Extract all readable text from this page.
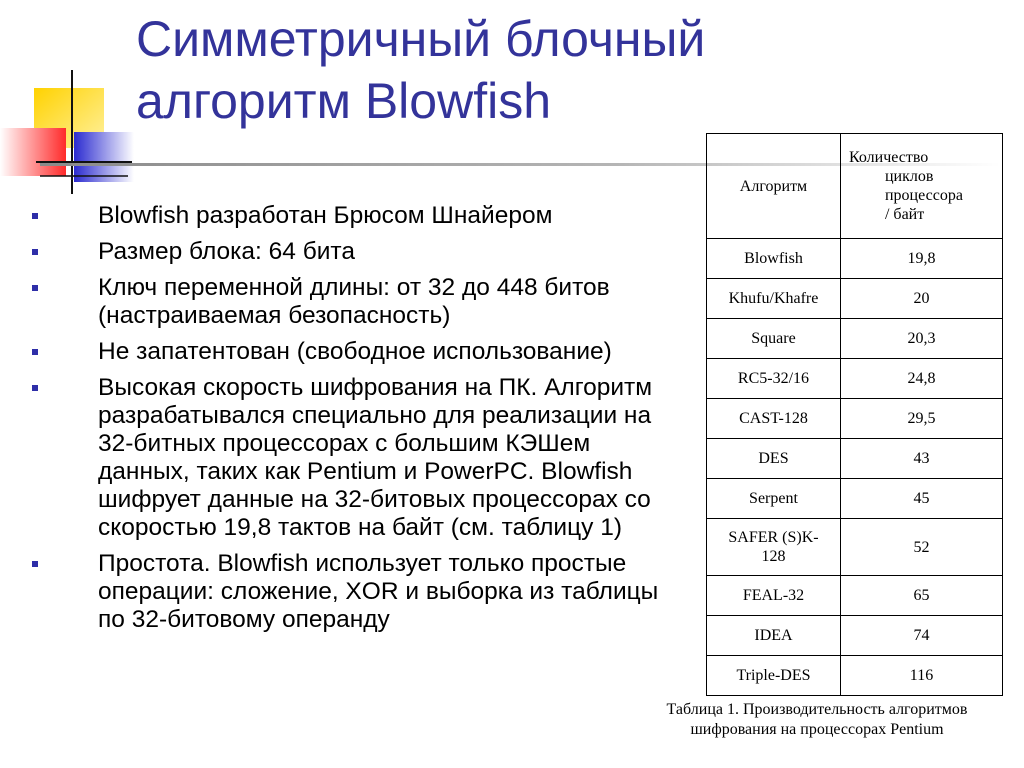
Симметричный блочный
алгоритм Blowfish
Blowfish разработан Брюсом Шнайером
Размер блока: 64 бита
Ключ переменной длины: от 32 до 448 битов (настраиваемая безопасность)
Не запатентован (свободное использование)
Высокая скорость шифрования на ПК. Алгоритм разрабатывался специально для реализации на 32-битных процессорах с большим КЭШем данных, таких как Pentium и PowerPC. Blowfish шифрует данные на 32-битовых процессорах со скоростью 19,8 тактов на байт (см. таблицу 1)
Простота. Blowfish использует только простые операции: сложение, XOR и выборка из таблицы по 32-битовому операнду
Алгоритм	Количество
циклов
процессора
/ байт

Blowfish	19,8
Khufu/Khafre	20
Square	20,3
RC5-32/16	24,8
CAST-128	29,5
DES	43
Serpent	45

SAFER (S)K-
128	52
FEAL-32	65
IDEA	74
Triple-DES	116
Таблица 1. Производительность алгоритмов
шифрования на процессорах Pentium
